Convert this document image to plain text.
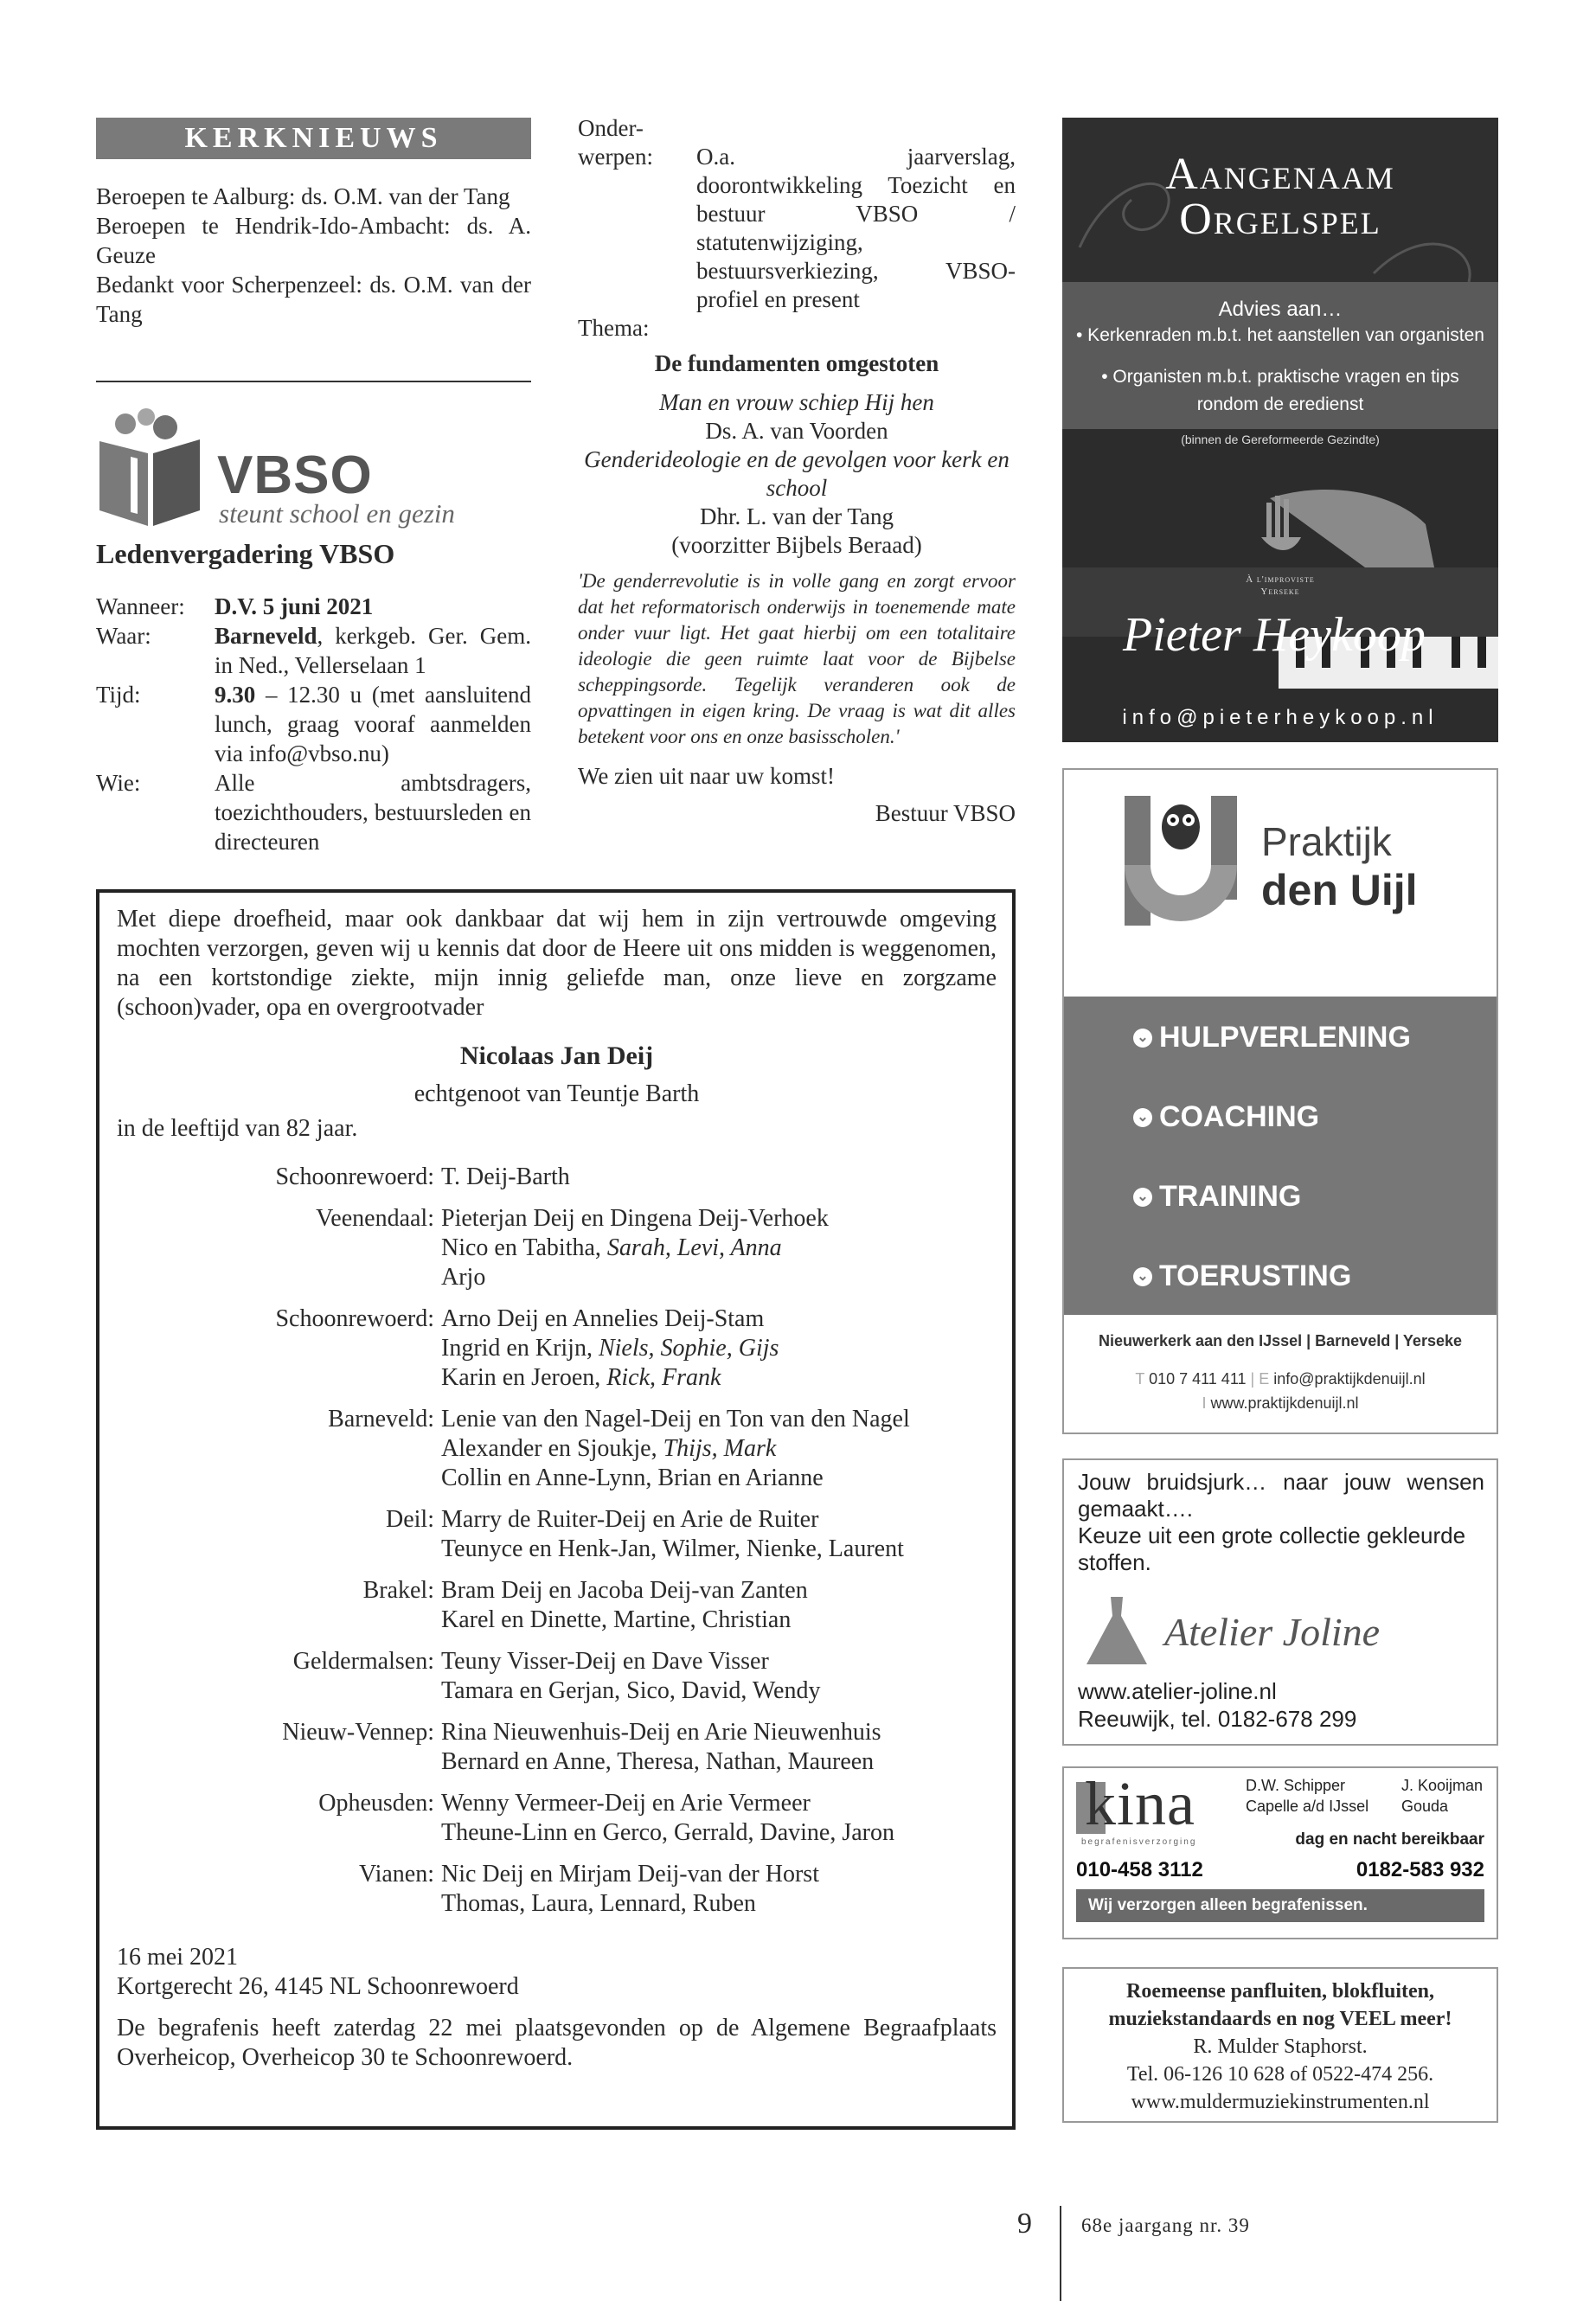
KERKNIEUWS

Beroepen te Aalburg: ds. O.M. van der Tang

Beroepen te Hendrik-Ido-Ambacht: ds. A. Geuze

Bedankt voor Scherpenzeel: ds. O.M. van der Tang

VBSO
steunt school en gezin
Ledenvergadering VBSO
Wanneer:	D.V. 5 juni 2021
Waar:	Barneveld, kerkgeb. Ger. Gem. in Ned., Vellerselaan 1
Tijd:	9.30 – 12.30 u (met aansluitend lunch, graag vooraf aanmelden via info@vbso.nu)
Wie:	Alle ambtsdragers, toezichthouders, bestuursleden en directeuren
Onder-
werpen:	O.a. jaarverslag, doorontwikkeling Toezicht en bestuur VBSO / statutenwijziging, bestuursverkiezing, VBSO-profiel en present

Thema:

De fundamenten omgestoten

Man en vrouw schiep Hij hen

Ds. A. van Voorden

Genderideologie en de gevolgen voor kerk en school

Dhr. L. van der Tang

(voorzitter Bijbels Beraad)

'De genderrevolutie is in volle gang en zorgt ervoor dat het reformatorisch onderwijs in toenemende mate onder vuur ligt. Het gaat hierbij om een totalitaire ideologie die geen ruimte laat voor de Bijbelse scheppingsorde. Tegelijk veranderen ook de opvattingen in eigen kring. De vraag is wat dit alles betekent voor ons en onze basisscholen.'

We zien uit naar uw komst!

Bestuur VBSO

Met diepe droefheid, maar ook dankbaar dat wij hem in zijn vertrouwde omgeving mochten verzorgen, geven wij u kennis dat door de Heere uit ons midden is weggenomen, na een kortstondige ziekte, mijn innig geliefde man, onze lieve en zorgzame (schoon)vader, opa en overgrootvader

Nicolaas Jan Deij

echtgenoot van Teuntje Barth

in de leeftijd van 82 jaar.

Schoonrewoerd: T. Deij-Barth
Veenendaal: Pieterjan Deij en Dingena Deij-Verhoek
Nico en Tabitha, Sarah, Levi, Anna
Arjo
Schoonrewoerd: Arno Deij en Annelies Deij-Stam
Ingrid en Krijn, Niels, Sophie, Gijs
Karin en Jeroen, Rick, Frank
Barneveld: Lenie van den Nagel-Deij en Ton van den Nagel
Alexander en Sjoukje, Thijs, Mark
Collin en Anne-Lynn, Brian en Arianne
Deil: Marry de Ruiter-Deij en Arie de Ruiter
Teunyce en Henk-Jan, Wilmer, Nienke, Laurent
Brakel: Bram Deij en Jacoba Deij-van Zanten
Karel en Dinette, Martine, Christian
Geldermalsen: Teuny Visser-Deij en Dave Visser
Tamara en Gerjan, Sico, David, Wendy
Nieuw-Vennep: Rina Nieuwenhuis-Deij en Arie Nieuwenhuis
Bernard en Anne, Theresa, Nathan, Maureen
Opheusden: Wenny Vermeer-Deij en Arie Vermeer
Theune-Linn en Gerco, Gerrald, Davine, Jaron
Vianen: Nic Deij en Mirjam Deij-van der Horst
Thomas, Laura, Lennard, Ruben

16 mei 2021

Kortgerecht 26, 4145 NL Schoonrewoerd

De begrafenis heeft zaterdag 22 mei plaatsgevonden op de Algemene Begraafplaats Overheicop, Overheicop 30 te Schoonrewoerd.

Aangenaam
Orgelspel
Advies aan…
• Kerkenraden m.b.t. het aanstellen van organisten
• Organisten m.b.t. praktische vragen en tips rondom de eredienst
(binnen de Gereformeerde Gezindte)
À l'improviste
Yerseke
Pieter Heykoop
info@pieterheykoop.nl
Praktijk
den Uijl
⌄ HULPVERLENING
⌄ COACHING
⌄ TRAINING
⌄ TOERUSTING
Nieuwerkerk aan den IJssel | Barneveld | Yerseke
T 010 7 411 411 | E info@praktijkdenuijl.nl
I www.praktijkdenuijl.nl
Jouw bruidsjurk… naar jouw wensen gemaakt….
Keuze uit een grote collectie gekleurde stoffen.
Atelier Joline
www.atelier-joline.nl
Reeuwijk, tel. 0182-678 299
kina
begrafenisverzorging
D.W. Schipper
Capelle a/d IJssel
J. Kooijman
Gouda
dag en nacht bereikbaar
010-458 3112	0182-583 932
Wij verzorgen alleen begrafenissen.

Roemeense panfluiten, blokfluiten,

muziekstandaards en nog VEEL meer!

R. Mulder Staphorst.

Tel. 06-126 10 628 of 0522-474 256.

www.muldermuziekinstrumenten.nl

9 68e jaargang nr. 39
